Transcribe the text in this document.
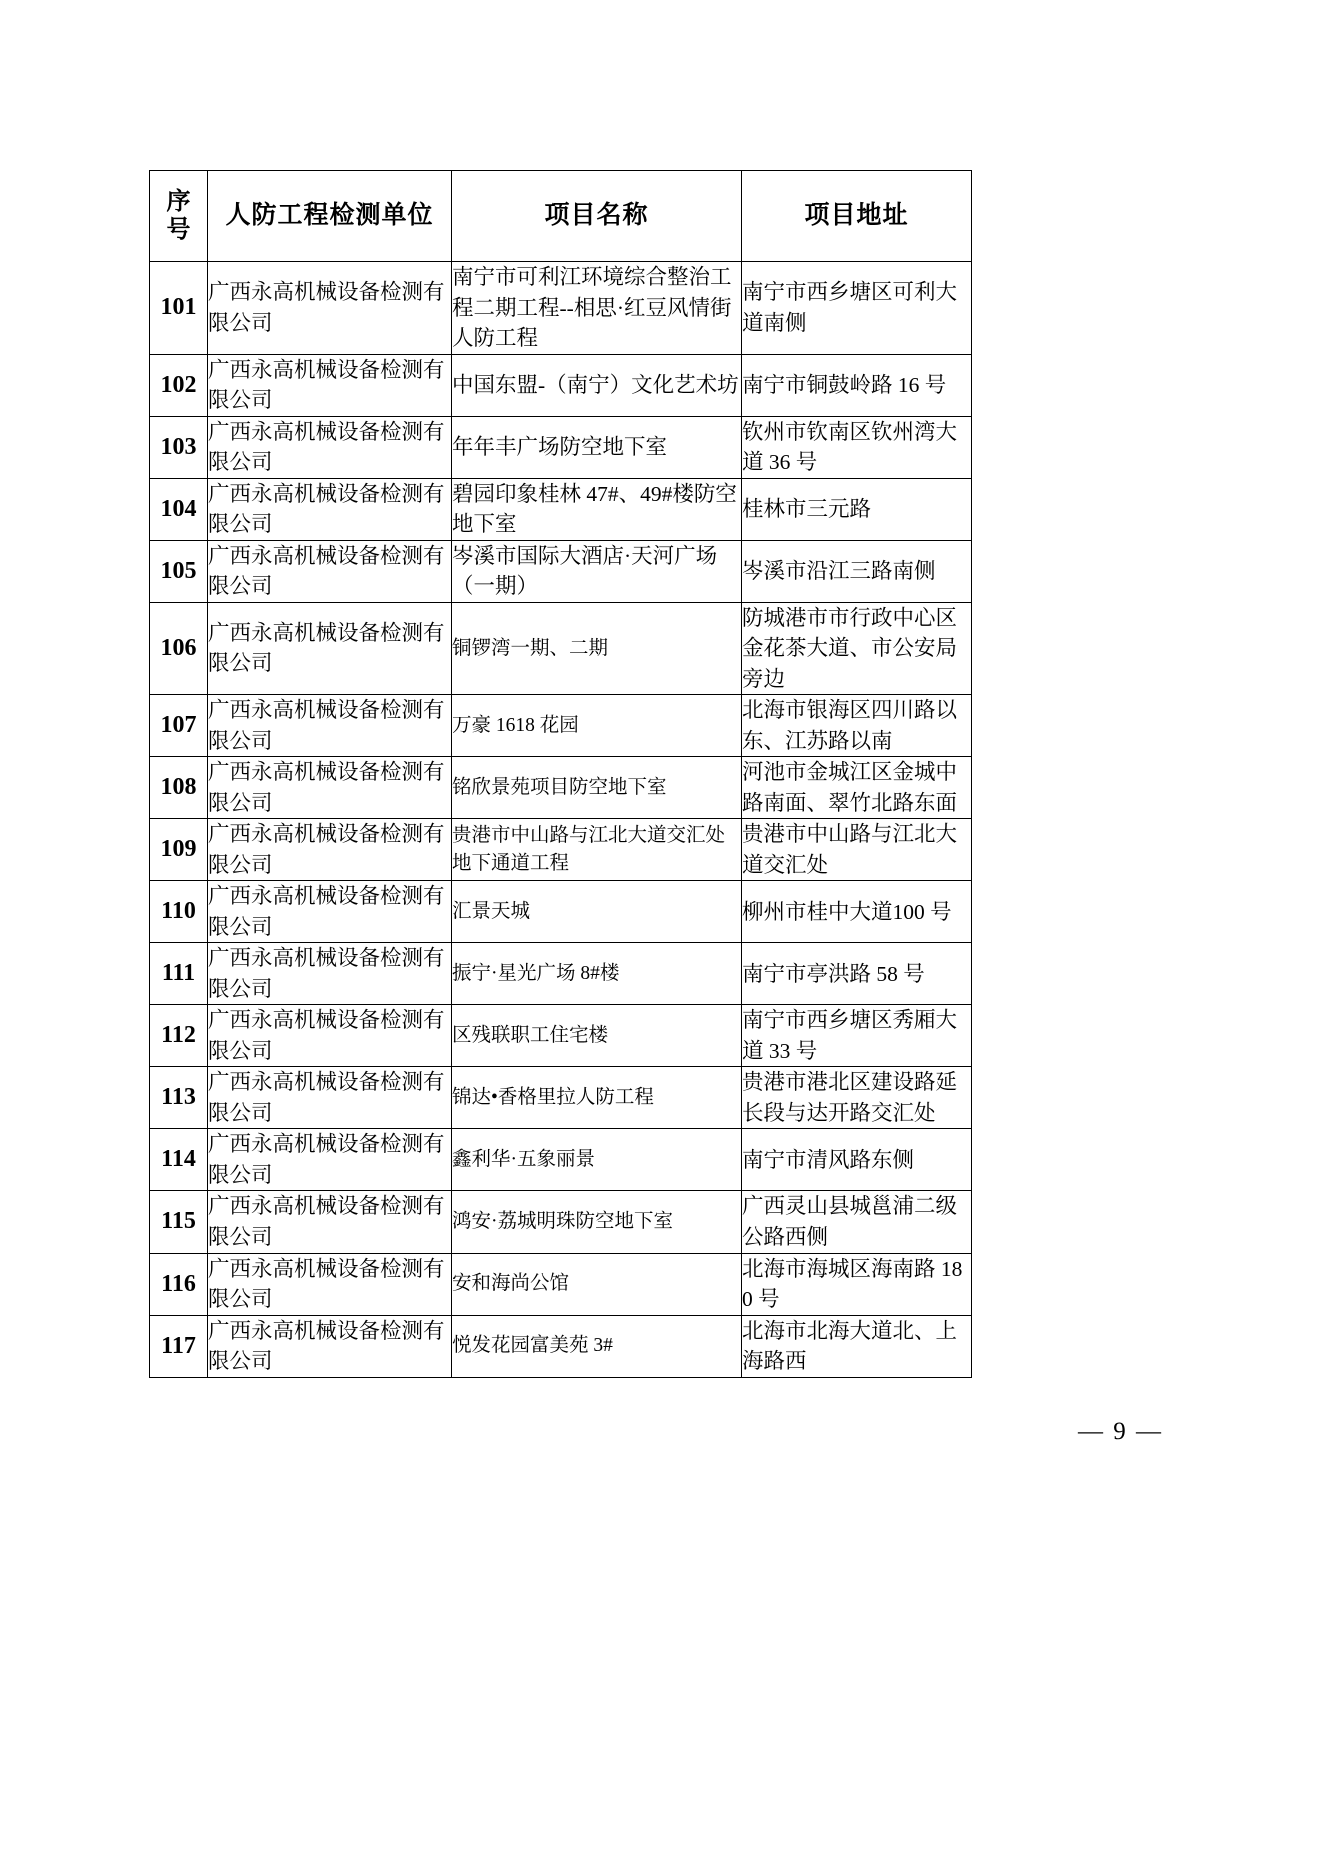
序
号	人防工程检测单位	项目名称	项目地址
101	广西永高机械设备检测有限公司	南宁市可利江环境综合整治工程二期工程--相思·红豆风情街人防工程	南宁市西乡塘区可利大道南侧

102	广西永高机械设备检测有限公司	中国东盟-（南宁）文化艺术坊	南宁市铜鼓岭路 16 号

103	广西永高机械设备检测有限公司	年年丰广场防空地下室	钦州市钦南区钦州湾大道 36 号

104	广西永高机械设备检测有限公司	碧园印象桂林 47#、49#楼防空地下室	桂林市三元路

105	广西永高机械设备检测有限公司	岑溪市国际大酒店·天河广场（一期）	岑溪市沿江三路南侧

106	广西永高机械设备检测有限公司	铜锣湾一期、二期	防城港市市行政中心区金花茶大道、市公安局旁边

107	广西永高机械设备检测有限公司	万豪 1618 花园	北海市银海区四川路以东、江苏路以南

108	广西永高机械设备检测有限公司	铭欣景苑项目防空地下室	河池市金城江区金城中路南面、翠竹北路东面

109	广西永高机械设备检测有限公司	贵港市中山路与江北大道交汇处地下通道工程	贵港市中山路与江北大道交汇处

110	广西永高机械设备检测有限公司	汇景天城	柳州市桂中大道100 号

111	广西永高机械设备检测有限公司	振宁·星光广场 8#楼	南宁市亭洪路 58 号

112	广西永高机械设备检测有限公司	区残联职工住宅楼	南宁市西乡塘区秀厢大道 33 号

113	广西永高机械设备检测有限公司	锦达•香格里拉人防工程	贵港市港北区建设路延长段与达开路交汇处

114	广西永高机械设备检测有限公司	鑫利华·五象丽景	南宁市清风路东侧

115	广西永高机械设备检测有限公司	鸿安·荔城明珠防空地下室	广西灵山县城邕浦二级公路西侧

116	广西永高机械设备检测有限公司	安和海尚公馆	北海市海城区海南路 180 号

117	广西永高机械设备检测有限公司	悦发花园富美苑 3#	北海市北海大道北、上海路西
— 9 —
